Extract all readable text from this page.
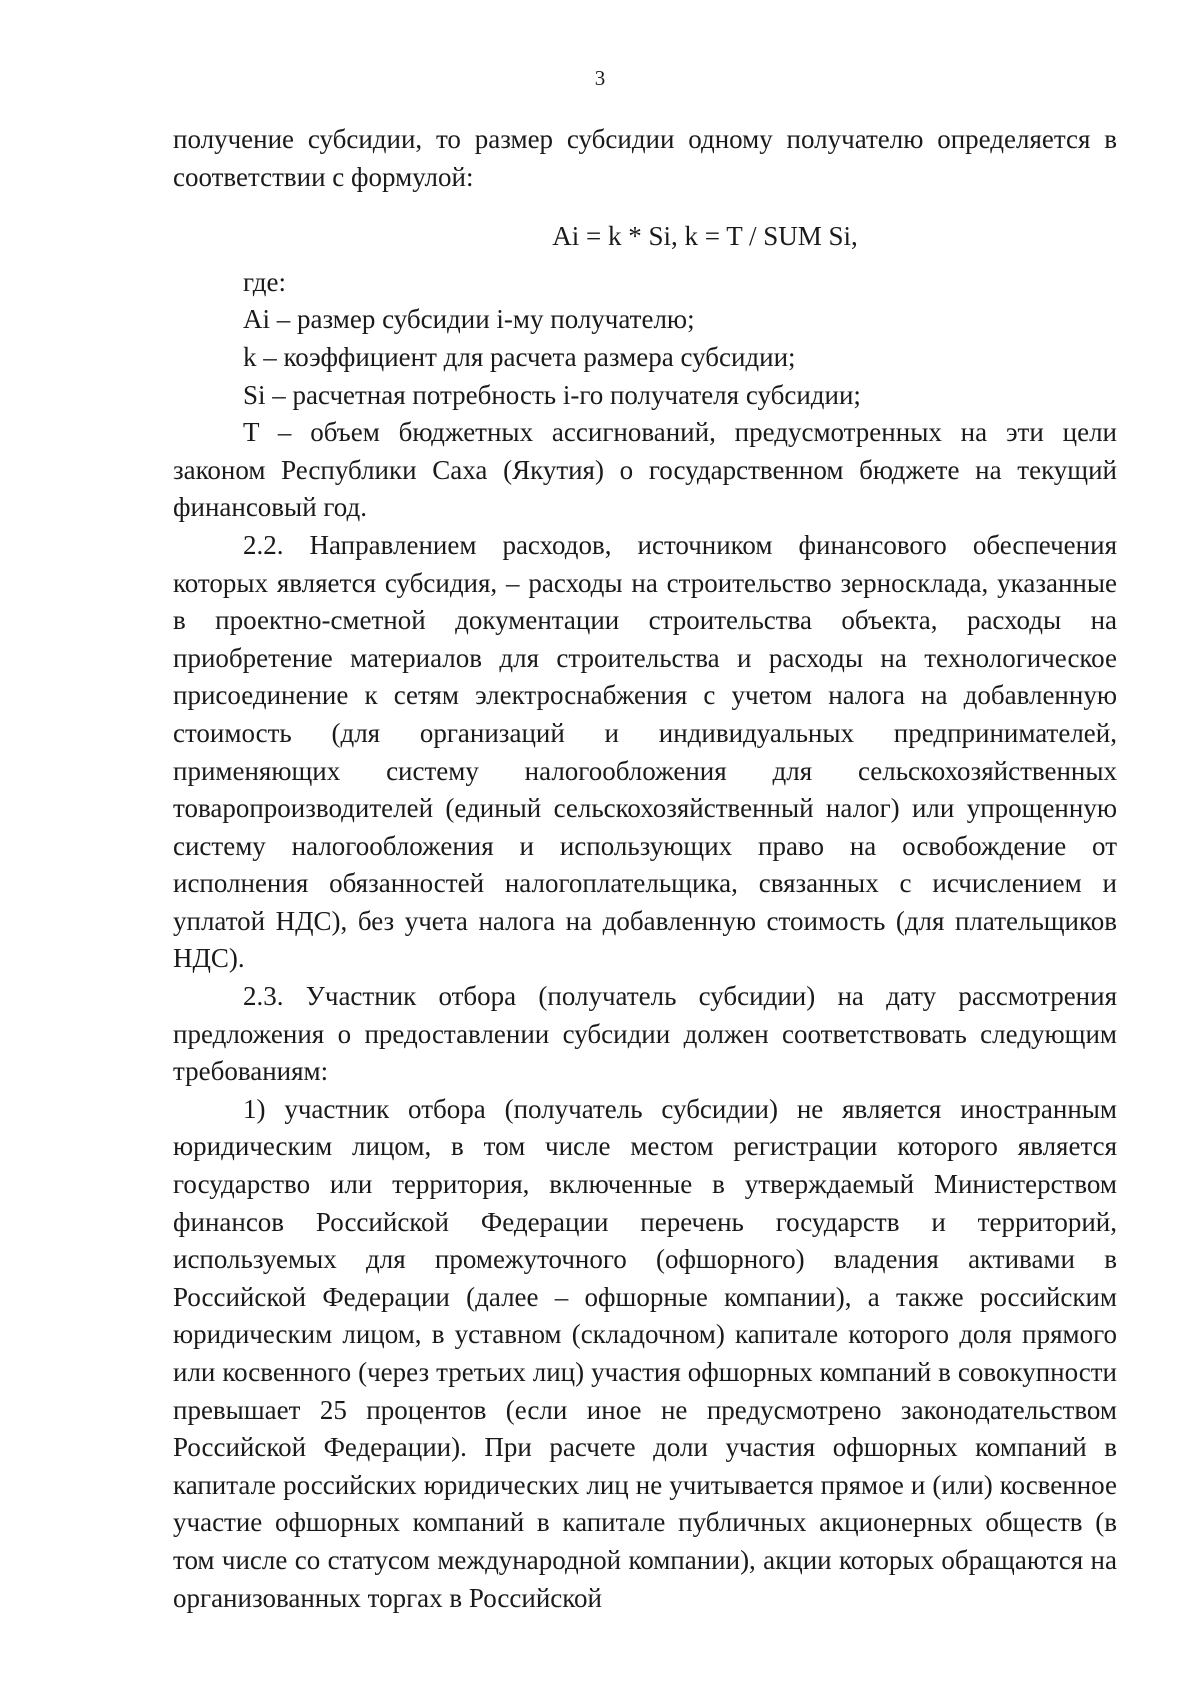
3

получение субсидии, то размер субсидии одному получателю определяется в соответствии с формулой:

Ai = k * Si, k = T / SUM Si,

где:

Ai – размер субсидии i-му получателю;

k – коэффициент для расчета размера субсидии;

Si – расчетная потребность i-го получателя субсидии;

T – объем бюджетных ассигнований, предусмотренных на эти цели законом Республики Саха (Якутия) о государственном бюджете на текущий финансовый год.

2.2. Направлением расходов, источником финансового обеспечения которых является субсидия, – расходы на строительство зерносклада, указанные в проектно-сметной документации строительства объекта, расходы на приобретение материалов для строительства и расходы на технологическое присоединение к сетям электроснабжения с учетом налога на добавленную стоимость (для организаций и индивидуальных предпринимателей, применяющих систему налогообложения для сельскохозяйственных товаропроизводителей (единый сельскохозяйственный налог) или упрощенную систему налогообложения и использующих право на освобождение от исполнения обязанностей налогоплательщика, связанных с исчислением и уплатой НДС), без учета налога на добавленную стоимость (для плательщиков НДС).

2.3. Участник отбора (получатель субсидии) на дату рассмотрения предложения о предоставлении субсидии должен соответствовать следующим требованиям:

1) участник отбора (получатель субсидии) не является иностранным юридическим лицом, в том числе местом регистрации которого является государство или территория, включенные в утверждаемый Министерством финансов Российской Федерации перечень государств и территорий, используемых для промежуточного (офшорного) владения активами в Российской Федерации (далее – офшорные компании), а также российским юридическим лицом, в уставном (складочном) капитале которого доля прямого или косвенного (через третьих лиц) участия офшорных компаний в совокупности превышает 25 процентов (если иное не предусмотрено законодательством Российской Федерации). При расчете доли участия офшорных компаний в капитале российских юридических лиц не учитывается прямое и (или) косвенное участие офшорных компаний в капитале публичных акционерных обществ (в том числе со статусом международной компании), акции которых обращаются на организованных торгах в Российской
